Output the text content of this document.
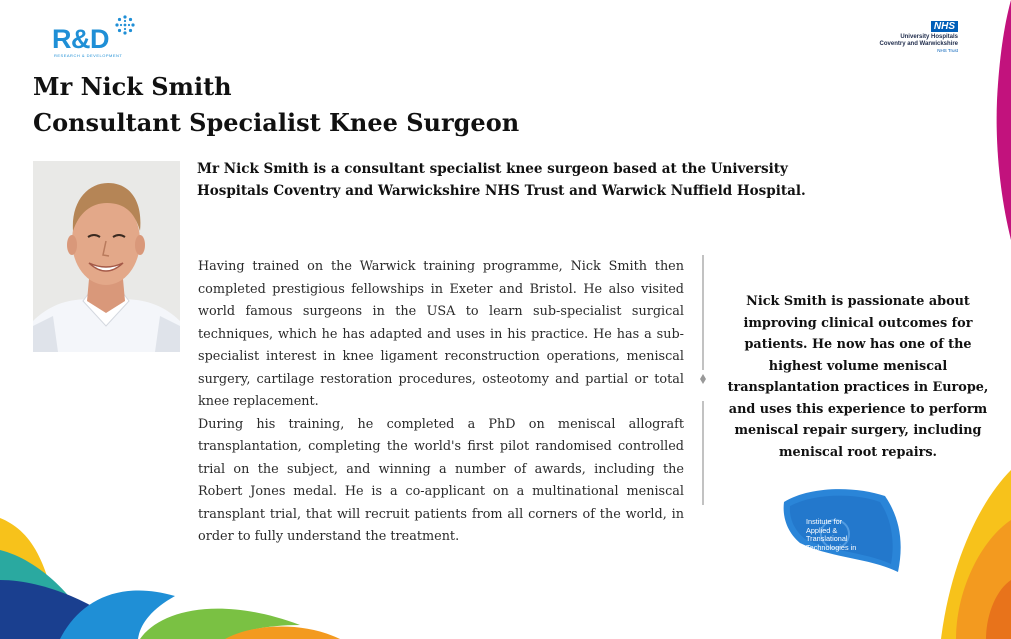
R&D
RESEARCH & DEVELOPMENT
NHS
University Hospitals
Coventry and Warwickshire
NHS Trust
Mr Nick Smith
Consultant Specialist Knee Surgeon
Mr Nick Smith is a consultant specialist knee surgeon based at the University Hospitals Coventry and Warwickshire NHS Trust and Warwick Nuffield Hospital.

Having trained on the Warwick training programme, Nick Smith then completed prestigious fellowships in Exeter and Bristol. He also visited world famous surgeons in the USA to learn sub-specialist surgical techniques, which he has adapted and uses in his practice. He has a sub-specialist interest in knee ligament reconstruction operations, meniscal surgery, cartilage restoration procedures, osteotomy and partial or total knee replacement.

During his training, he completed a PhD on meniscal allograft transplantation, completing the world's first pilot randomised controlled trial on the subject, and winning a number of awards, including the Robert Jones medal. He is a co-applicant on a multinational meniscal transplant trial, that will recruit patients from all corners of the world, in order to fully understand the treatment.

Nick Smith is passionate about improving clinical outcomes for patients. He now has one of the highest volume meniscal transplantation practices in Europe, and uses this experience to perform meniscal repair surgery, including meniscal root repairs.
Institute for
Applied & Translational
Technologies in
Surgery
